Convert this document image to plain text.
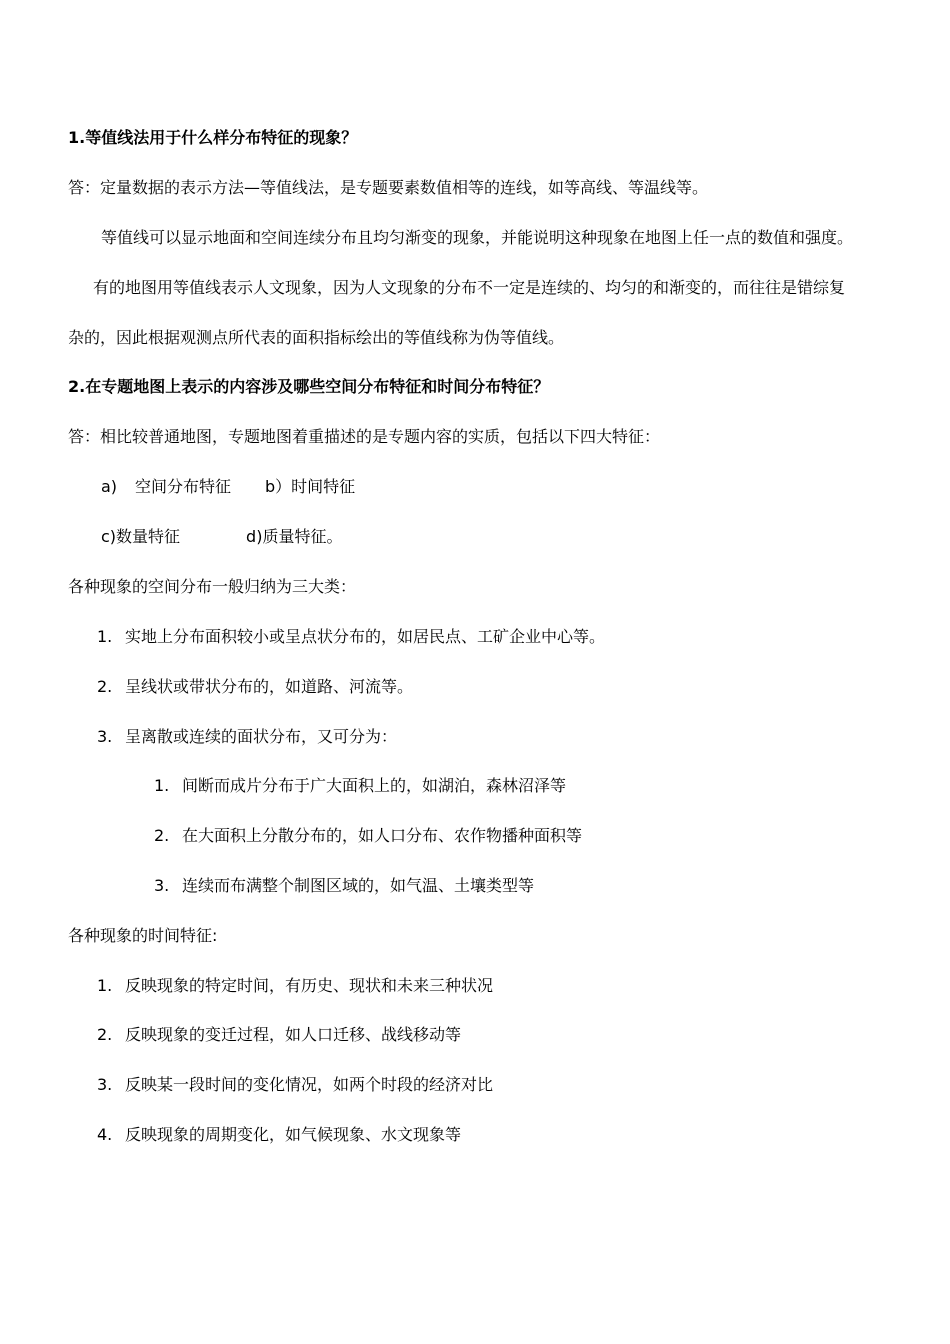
1.等值线法用于什么样分布特征的现象？

答：定量数据的表示方法—等值线法，是专题要素数值相等的连线，如等高线、等温线等。

等值线可以显示地面和空间连续分布且均匀渐变的现象，并能说明这种现象在地图上任一点的数值和强度。

有的地图用等值线表示人文现象，因为人文现象的分布不一定是连续的、均匀的和渐变的，而往往是错综复

杂的，因此根据观测点所代表的面积指标绘出的等值线称为伪等值线。

2.在专题地图上表示的内容涉及哪些空间分布特征和时间分布特征？

答：相比较普通地图，专题地图着重描述的是专题内容的实质，包括以下四大特征：

a) 空间分布特征 b）时间特征

c)数量特征	d)质量特征。

各种现象的空间分布一般归纳为三大类：

1. 实地上分布面积较小或呈点状分布的，如居民点、工矿企业中心等。

2. 呈线状或带状分布的，如道路、河流等。

3. 呈离散或连续的面状分布，又可分为：

1. 间断而成片分布于广大面积上的，如湖泊，森林沼泽等

2. 在大面积上分散分布的，如人口分布、农作物播种面积等

3. 连续而布满整个制图区域的，如气温、土壤类型等

各种现象的时间特征:

1. 反映现象的特定时间，有历史、现状和未来三种状况

2. 反映现象的变迁过程，如人口迁移、战线移动等

3. 反映某一段时间的变化情况，如两个时段的经济对比

4. 反映现象的周期变化，如气候现象、水文现象等
